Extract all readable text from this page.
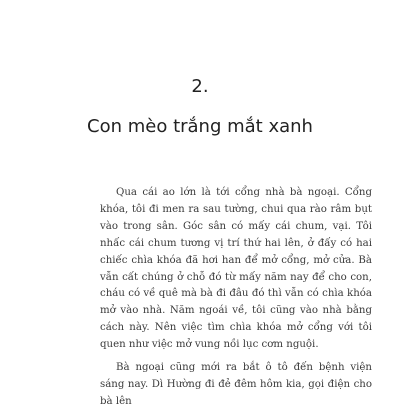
2.
Con mèo trắng mắt xanh

Qua cái ao lớn là tới cổng nhà bà ngoại. Cổng khóa, tôi đi men ra sau tường, chui qua rào râm bụt vào trong sân. Góc sân có mấy cái chum, vại. Tôi nhấc cái chum tương vị trí thứ hai lên, ở đấy có hai chiếc chìa khóa đã hơi han để mở cổng, mở cửa. Bà vẫn cất chúng ở chỗ đó từ mấy năm nay để cho con, cháu có về quê mà bà đi đâu đó thì vẫn có chìa khóa mở vào nhà. Năm ngoái về, tôi cũng vào nhà bằng cách này. Nên việc tìm chìa khóa mở cổng với tôi quen như việc mở vung nồi lục cơm nguội.

Bà ngoại cũng mới ra bắt ô tô đến bệnh viện sáng nay. Dì Hường đi đẻ đêm hôm kia, gọi điện cho bà lên
